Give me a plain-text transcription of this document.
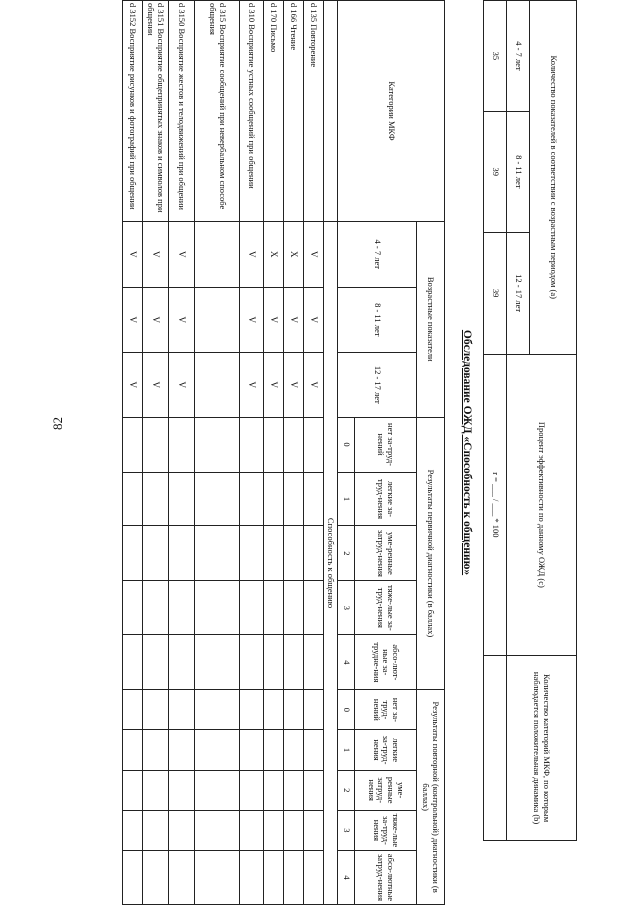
82
Количество показателей в соответствии с возрастным периодом (a)			Процент эффективности по данному ОЖД (c)	Количество категорий МКФ, по которым наблюдается положительная динамика (b)
4 - 7 лет	8 - 11 лет	12 - 17 лет		
35	39	39	r = ___ / ___ * 100	
Обследование ОЖД «Способность к общению»
Категории МКФ	Возрастные показатели			Результаты первичной диагностики (в баллах)					Результаты повторной (контрольной) диагностики (в баллах)				
	4 - 7 лет	8 - 11 лет	12 - 17 лет	нет за-труд-нений	легкие за-труд-нения	уме-ренные затруд-нения	тяже-лые за-труд-нения	абсо-лют-ные за-трудне-ния	нет за-труд-нений	легкие за-труд-нения	уме-ренные затруд-нения	тяже-лые за-труд-нения	абсо-лютные затруд-нения
				0	1	2	3	4	0	1	2	3	4
	Способность к общению												
d 135 Повторение	V	V	V										
d 166 Чтение	X	V	V										
d 170 Письмо	X	V	V										
d 310 Восприятие устных сообщений при общении	V	V	V										
d 315 Восприятие сообщений при невербальном способе общения													
d 3150 Восприятие жестов и телодвижений при общении	V	V	V										
d 3151 Восприятие общепринятых знаков и символов при общении	V	V	V										
d 3152 Восприятие рисунков и фотографий при общении	V	V	V										
